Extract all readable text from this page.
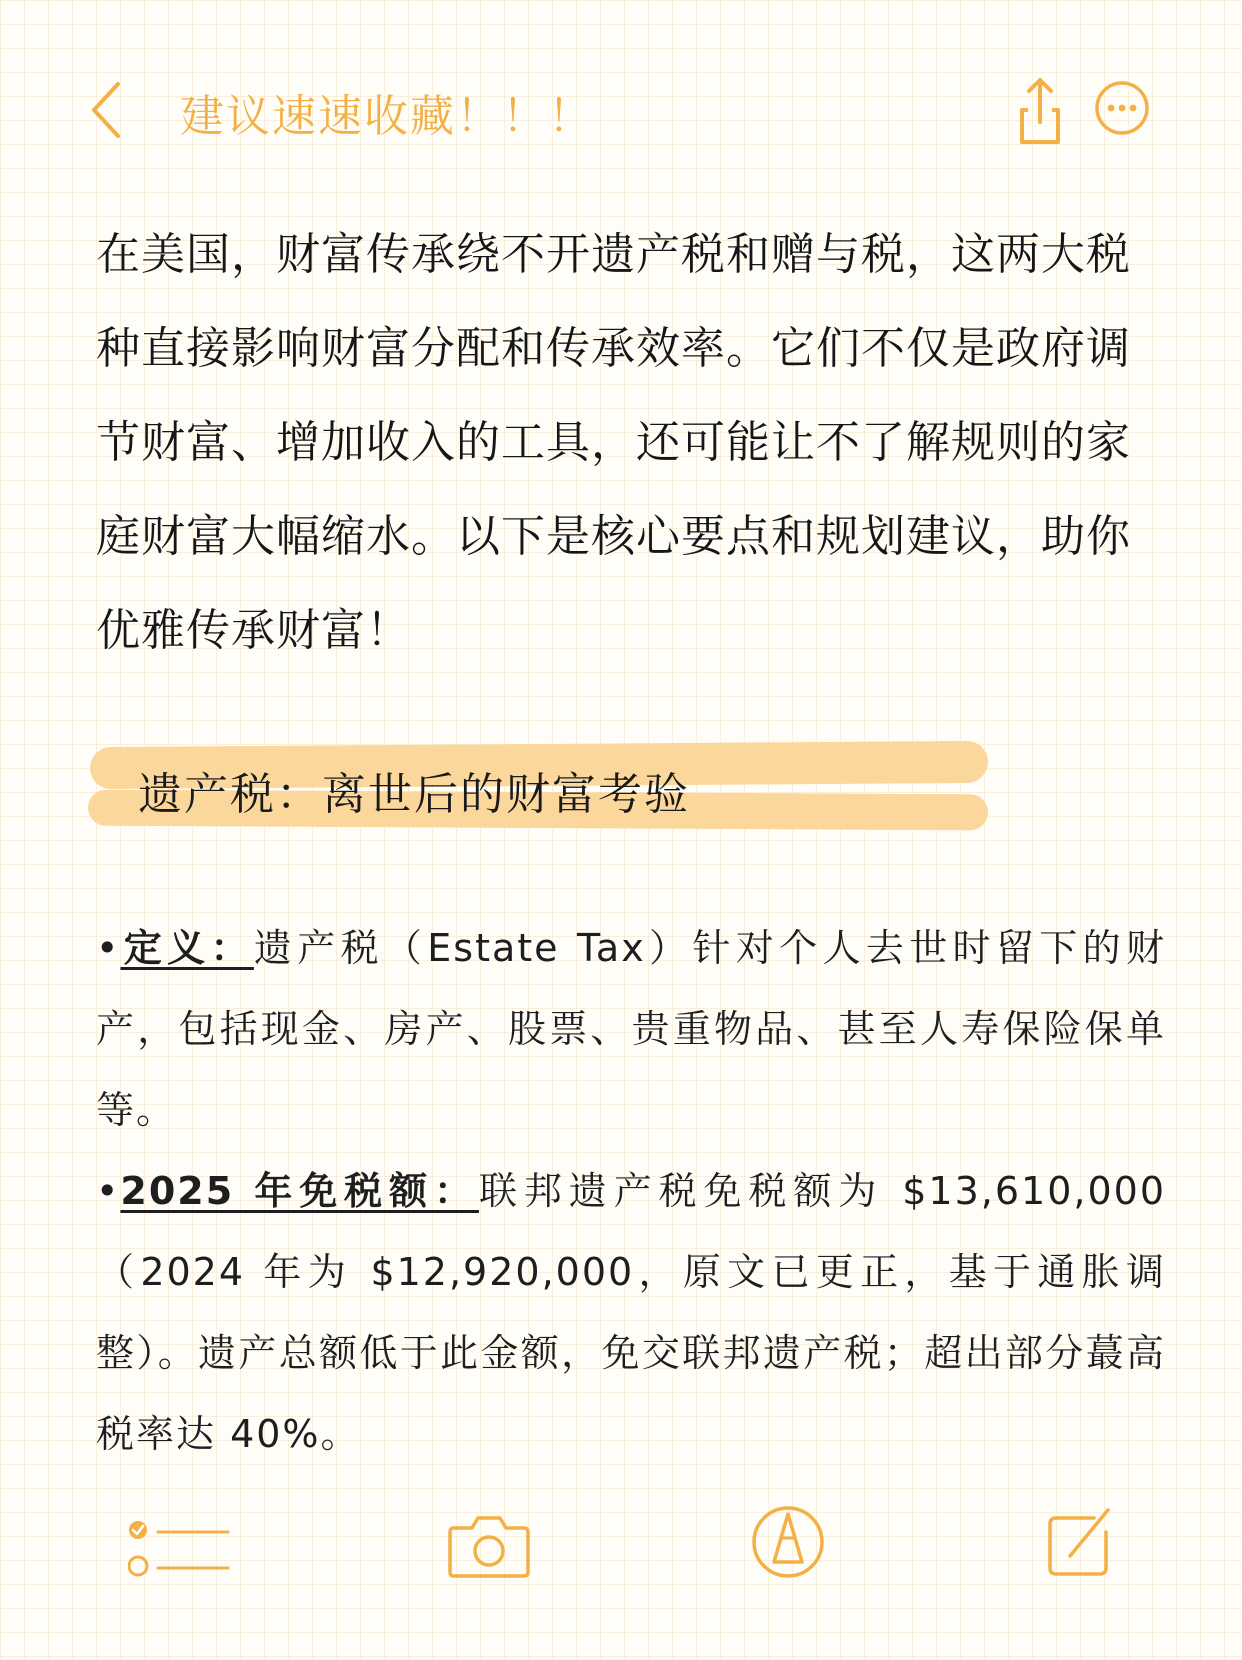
建议速速收藏！！！

在美国，财富传承绕不开遗产税和赠与税，这两大税种直接影响财富分配和传承效率。它们不仅是政府调节财富、增加收入的工具，还可能让不了解规则的家庭财富大幅缩水。以下是核心要点和规划建议，助你优雅传承财富！

遗产税：离世后的财富考验

•定义：遗产税（Estate Tax）针对个人去世时留下的财产，包括现金、房产、股票、贵重物品、甚至人寿保险保单等。

•2025 年免税额：联邦遗产税免税额为 $13,610,000（2024 年为 $12,920,000，原文已更正，基于通胀调整）。遗产总额低于此金额，免交联邦遗产税；超出部分蕞高税率达 40%。
